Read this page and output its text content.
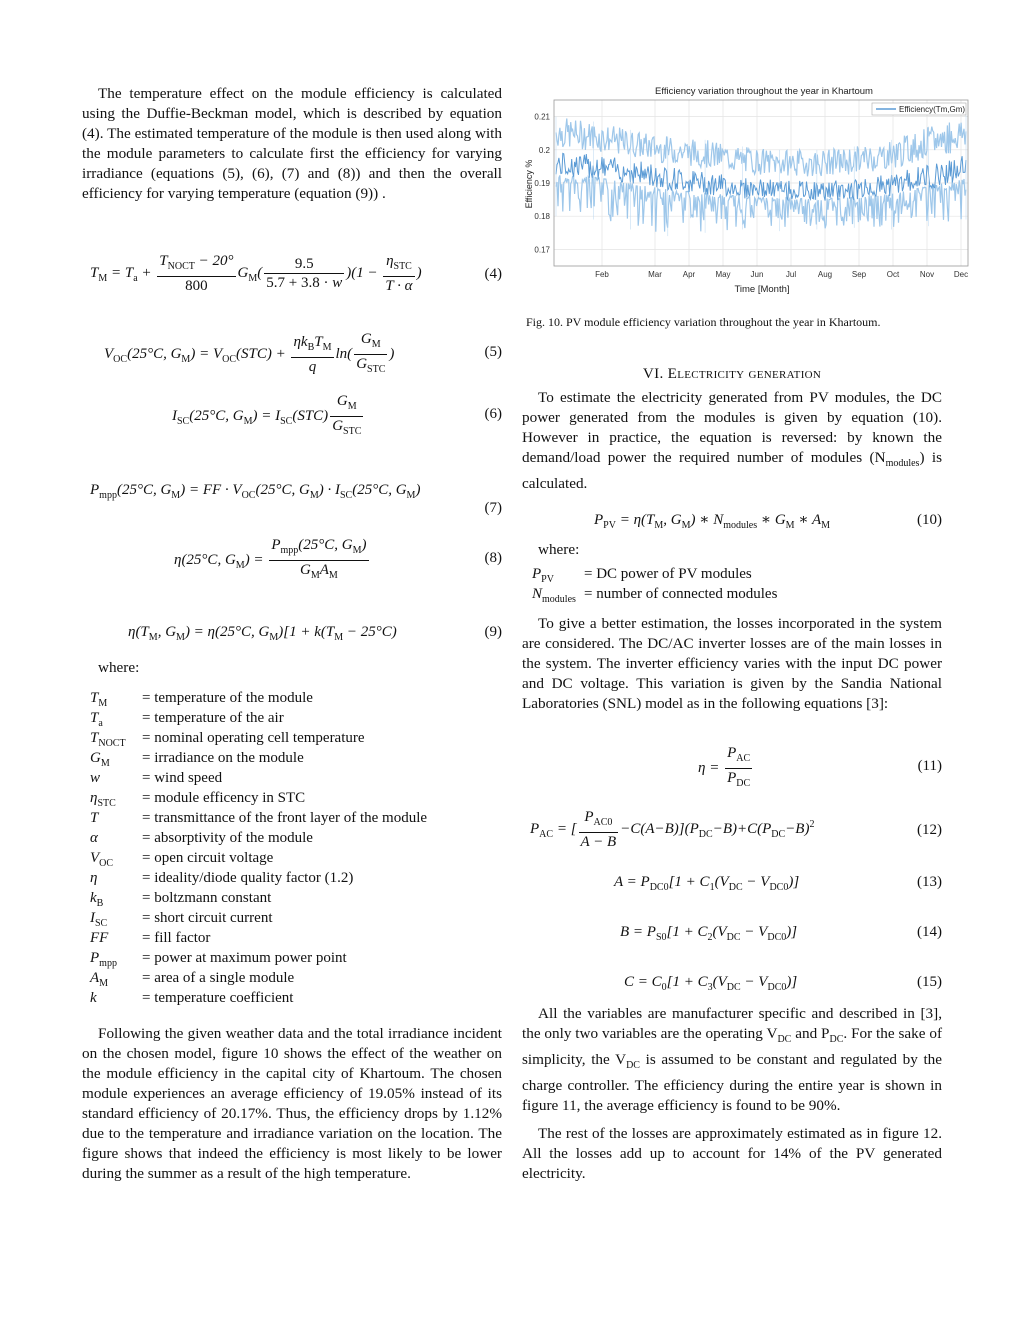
The temperature effect on the module efficiency is calculated using the Duffie-Beckman model, which is described by equation (4). The estimated temperature of the module is then used along with the module parameters to calculate first the efficiency for varying irradiance (equations (5), (6), (7) and (8)) and then the overall efficiency for varying temperature (equation (9)) .

$T_M = T_a + \frac{T_{NOCT} - 20^\circ}{800} G_M( \frac{9.5}{5.7 + 3.8 \cdot w} )(1 - \frac{\eta_{STC}}{T \cdot \alpha}$ )	(4)
$V_{OC}(25^\circ C$, $G_M) = V_{OC}(STC) + \frac{\eta k_BT_M}{q} \ln( \frac{G_M}{G_{STC}}$ )	(5)
$I_{SC}(25^\circ C$, $G_M) = I_{SC}(STC) \frac{G_M}{G_{STC}}$	(6)
$P_{mpp}(25^\circ C$, $G_M$) = FF · $V_{OC}(25^\circ C$, $G_M) \cdot I_{SC}(25^\circ C$, $G_M$)
(7)
η(25°C, $G_M) = \frac{P_{mpp}(25^\circ C, G_M)}{G_MA_M}$	(8)
$\eta(T_M$, $G_M) = \eta(25^\circ C$, $G_M)[1 + k(T_M - 25^\circ C)$	(9)

where:

$T_M$ = temperature of the module
$T_a$	= temperature of the air
$T_{NOCT}$ = nominal operating cell temperature
$G_M$ = irradiance on the module
w	= wind speed
$\eta_{STC}$ = module efficency in STC
T	= transmittance of the front layer of the module
α	= absorptivity of the module
$V_{OC}$ = open circuit voltage
η	= ideality/diode quality factor (1.2)
$k_B$	= boltzmann constant
$I_{SC}$ = short circuit current
FF = fill factor
$P_{mpp}$ = power at maximum power point
$A_M$ = area of a single module
k	= temperature coefficient

Following the given weather data and the total irradiance incident on the chosen model, figure 10 shows the effect of the weather on the module efficiency in the capital city of Khartoum. The chosen module experiences an average efficiency of 19.05% instead of its standard efficiency of 20.17%. Thus, the efficiency drops by 1.12% due to the temperature and irradiance variation on the location. The figure shows that indeed the efficiency is most likely to be lower during the summer as a result of the high temperature.

Efficiency variation throughout the year in Khartoum
0.17
0.18
0.19
0.2
0.21
Feb	Mar	Apr	May Jun	Jul	Aug Sep	Oct	Nov Dec
Efficiency %
Time [Month]
Efficiency(Tm,Gm)

Fig. 10. PV module efficiency variation throughout the year in Khartoum.

VI. Electricity generation

To estimate the electricity generated from PV modules, the DC power generated from the modules is given by equation (10). However in practice, the equation is reversed: by known the demand/load power the required number of modules $(N_{modules})$ is calculated.

$P_{PV} = \eta(T_M$, $G_M$) ∗ $N_{modules}$ ∗ $G_M$ ∗ $A_M$	(10)

where:

$P_{PV}$ = DC power of PV modules
$N_{modules}$ = number of connected modules

To give a better estimation, the losses incorporated in the system are considered. The DC/AC inverter losses are of the main losses in the system. The inverter efficiency varies with the input DC power and DC voltage. This variation is given by the Sandia National Laboratories (SNL) model as in the following equations [3]:

$\eta = \frac{P_{AC}}{P_{DC}}$	(11)
$P_{AC}$ = [ $\frac{P_{AC0}}{A - B} -C(A-B)](P_{DC}-B)+C(P_{DC}-B)^2$	(12)
$A = P_{DC0}[1 + C_1(V_{DC} - V_{DC0})]$	(13)
$B = P_{S0}[1 + C_2(V_{DC} - V_{DC0})]$	(14)
$C = C_0[1 + C_3(V_{DC} - V_{DC0})]$	(15)

All the variables are manufacturer specific and described in [3], the only two variables are the operating $V_{DC}$ and $P_{DC}$. For the sake of simplicity, the $V_{DC}$ is assumed to be constant and regulated by the charge controller. The efficiency during the entire year is shown in figure 11, the average efficiency is found to be 90%.

The rest of the losses are approximately estimated as in figure 12. All the losses add up to account for 14% of the PV generated electricity.
